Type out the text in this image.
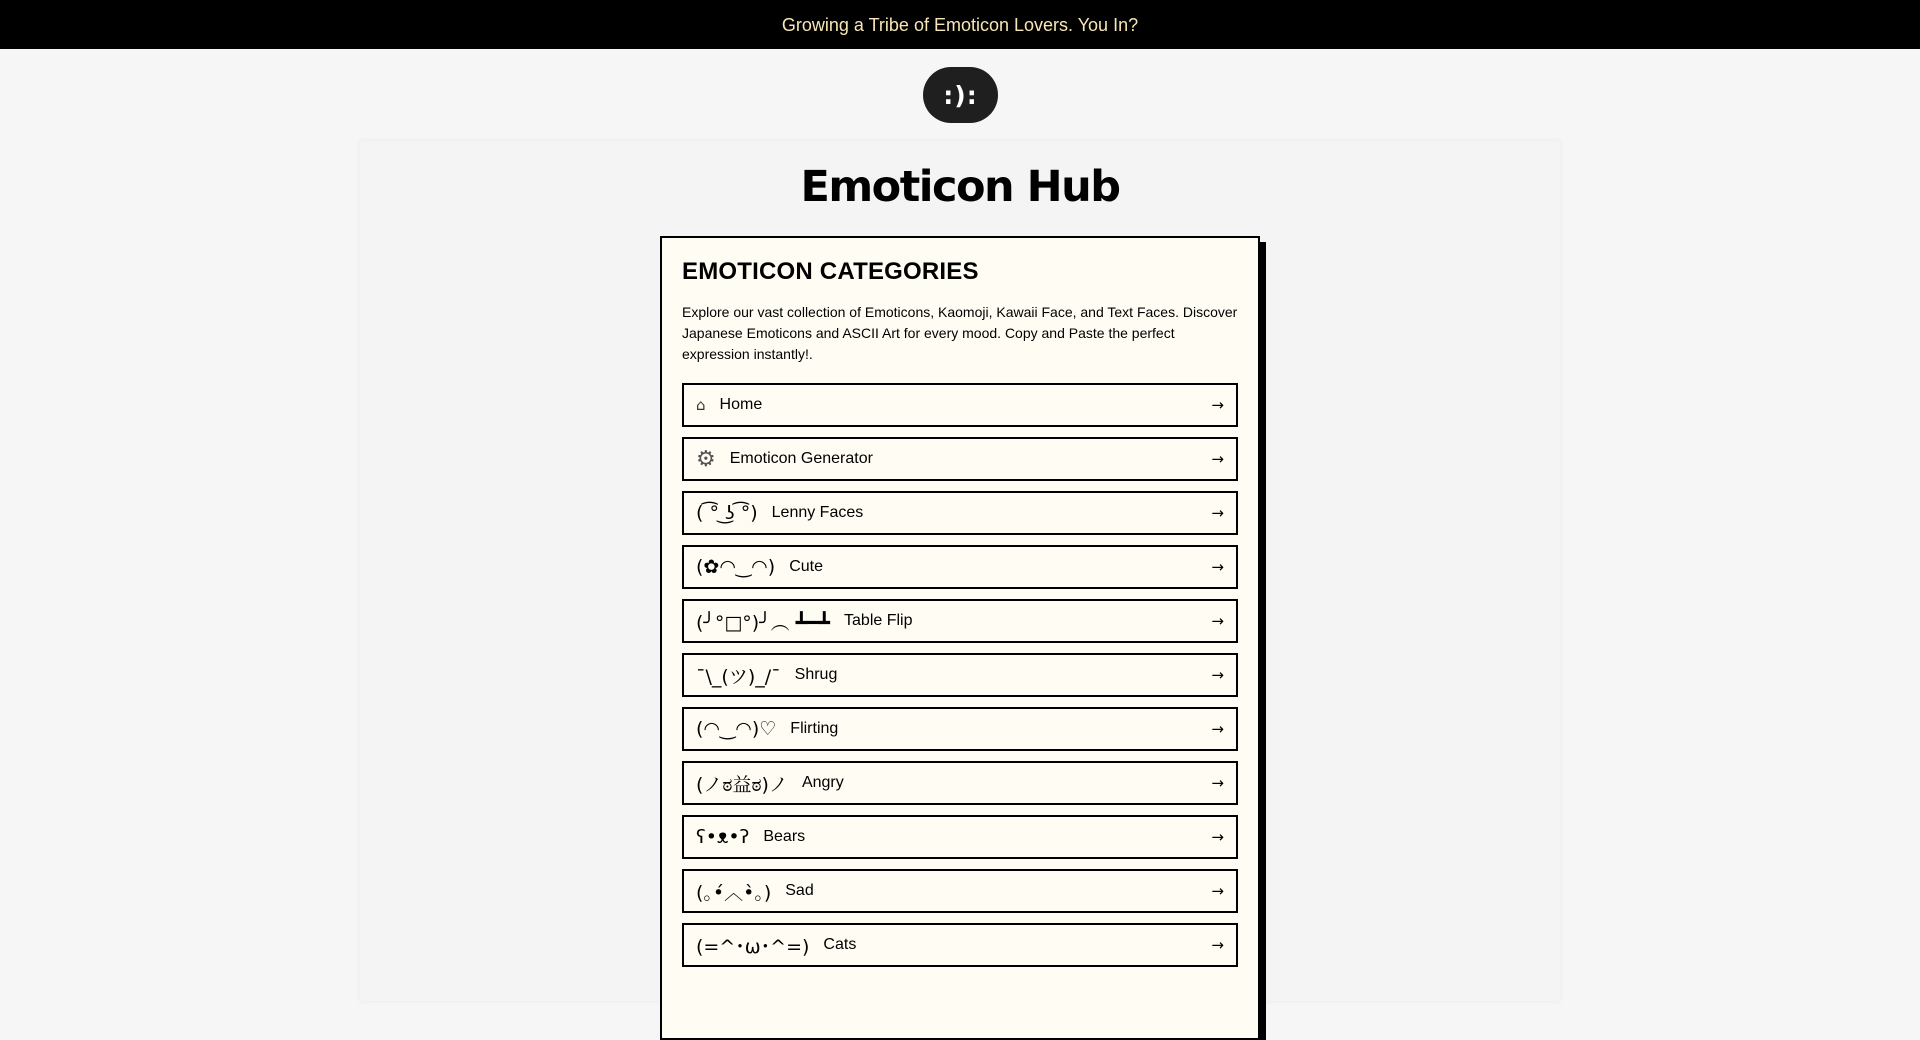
Growing a Tribe of Emoticon Lovers. You In?
:):
Emoticon Hub
EMOTICON CATEGORIES

Explore our vast collection of Emoticons, Kaomoji, Kawaii Face, and Text Faces. Discover Japanese Emoticons and ASCII Art for every mood. Copy and Paste the perfect expression instantly!.

⌂ Home	→
⚙ Emoticon Generator	→
( ͡° ͜ʖ ͡°) Lenny Faces	→
(✿◠‿◠) Cute	→
(╯°□°)╯︵ ┻━┻ Table Flip	→
¯\_(ツ)_/¯ Shrug	→
(◠‿◠)♡ Flirting	→
(ノಠ益ಠ)ノ Angry	→
ʕ•ᴥ•ʔ Bears	→
(｡•́︿•̀｡) Sad	→
(=^･ω･^=) Cats	→
